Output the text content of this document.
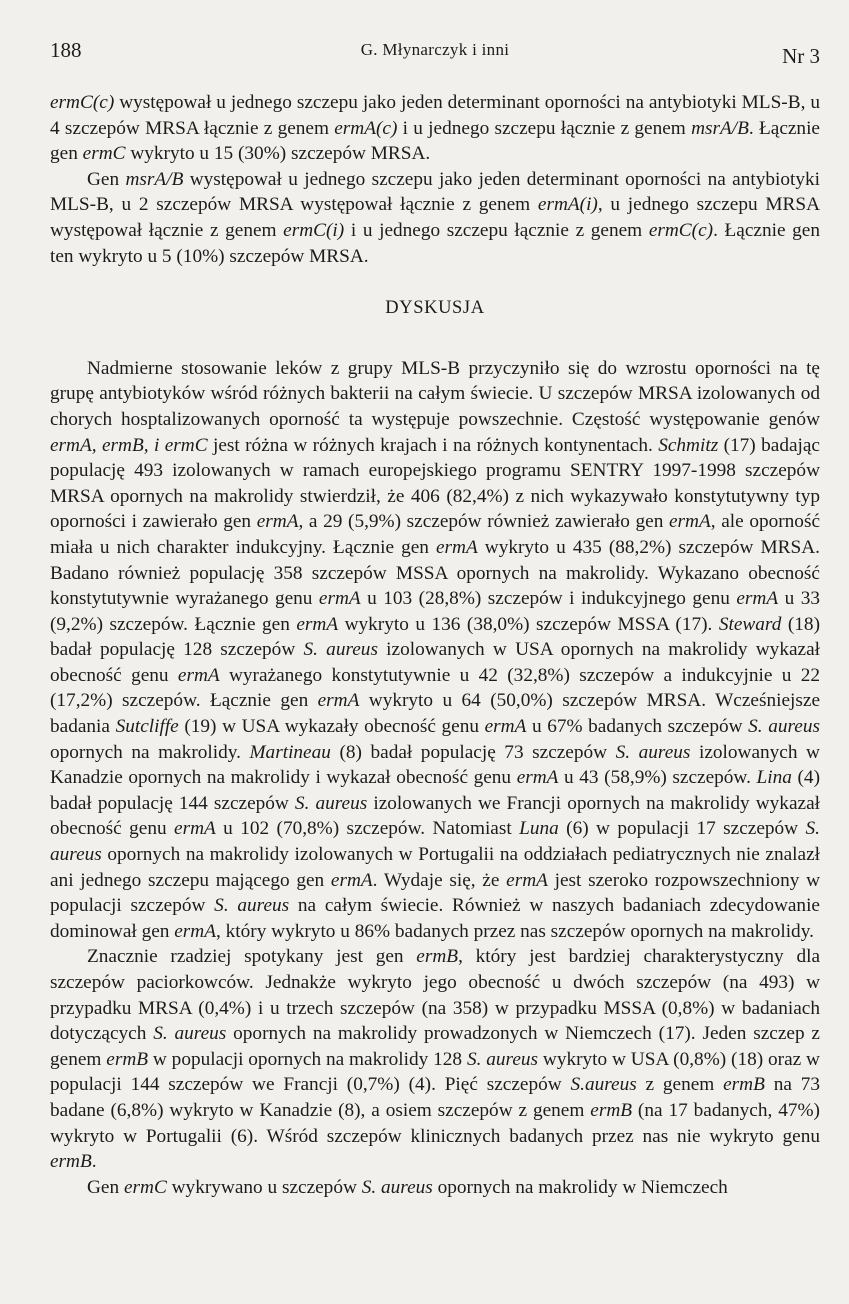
188	G. Młynarczyk i inni	Nr 3

ermC(c) występował u jednego szczepu jako jeden determinant oporności na antybiotyki MLS-B, u 4 szczepów MRSA łącznie z genem ermA(c) i u jednego szczepu łącznie z genem msrA/B. Łącznie gen ermC wykryto u 15 (30%) szczepów MRSA.

Gen msrA/B występował u jednego szczepu jako jeden determinant oporności na antybiotyki MLS-B, u 2 szczepów MRSA występował łącznie z genem ermA(i), u jednego szczepu MRSA występował łącznie z genem ermC(i) i u jednego szczepu łącznie z genem ermC(c). Łącznie gen ten wykryto u 5 (10%) szczepów MRSA.

DYSKUSJA

Nadmierne stosowanie leków z grupy MLS-B przyczyniło się do wzrostu oporności na tę grupę antybiotyków wśród różnych bakterii na całym świecie. U szczepów MRSA izolowanych od chorych hosptalizowanych oporność ta występuje powszechnie. Częstość występowanie genów ermA, ermB, i ermC jest różna w różnych krajach i na różnych kontynentach. Schmitz (17) badając populację 493 izolowanych w ramach europejskiego programu SENTRY 1997-1998 szczepów MRSA opornych na makrolidy stwierdził, że 406 (82,4%) z nich wykazywało konstytutywny typ oporności i zawierało gen ermA, a 29 (5,9%) szczepów również zawierało gen ermA, ale oporność miała u nich charakter indukcyjny. Łącznie gen ermA wykryto u 435 (88,2%) szczepów MRSA. Badano również populację 358 szczepów MSSA opornych na makrolidy. Wykazano obecność konstytutywnie wyrażanego genu ermA u 103 (28,8%) szczepów i indukcyjnego genu ermA u 33 (9,2%) szczepów. Łącznie gen ermA wykryto u 136 (38,0%) szczepów MSSA (17). Steward (18) badał populację 128 szczepów S. aureus izolowanych w USA opornych na makrolidy wykazał obecność genu ermA wyrażanego konstytutywnie u 42 (32,8%) szczepów a indukcyjnie u 22 (17,2%) szczepów. Łącznie gen ermA wykryto u 64 (50,0%) szczepów MRSA. Wcześniejsze badania Sutcliffe (19) w USA wykazały obecność genu ermA u 67% badanych szczepów S. aureus opornych na makrolidy. Martineau (8) badał populację 73 szczepów S. aureus izolowanych w Kanadzie opornych na makrolidy i wykazał obecność genu ermA u 43 (58,9%) szczepów. Lina (4) badał populację 144 szczepów S. aureus izolowanych we Francji opornych na makrolidy wykazał obecność genu ermA u 102 (70,8%) szczepów. Natomiast Luna (6) w populacji 17 szczepów S. aureus opornych na makrolidy izolowanych w Portugalii na oddziałach pediatrycznych nie znalazł ani jednego szczepu mającego gen ermA. Wydaje się, że ermA jest szeroko rozpowszechniony w populacji szczepów S. aureus na całym świecie. Również w naszych badaniach zdecydowanie dominował gen ermA, który wykryto u 86% badanych przez nas szczepów opornych na makrolidy.

Znacznie rzadziej spotykany jest gen ermB, który jest bardziej charakterystyczny dla szczepów paciorkowców. Jednakże wykryto jego obecność u dwóch szczepów (na 493) w przypadku MRSA (0,4%) i u trzech szczepów (na 358) w przypadku MSSA (0,8%) w badaniach dotyczących S. aureus opornych na makrolidy prowadzonych w Niemczech (17). Jeden szczep z genem ermB w populacji opornych na makrolidy 128 S. aureus wykryto w USA (0,8%) (18) oraz w populacji 144 szczepów we Francji (0,7%) (4). Pięć szczepów S.aureus z genem ermB na 73 badane (6,8%) wykryto w Kanadzie (8), a osiem szczepów z genem ermB (na 17 badanych, 47%) wykryto w Portugalii (6). Wśród szczepów klinicznych badanych przez nas nie wykryto genu ermB.

Gen ermC wykrywano u szczepów S. aureus opornych na makrolidy w Niemczech
